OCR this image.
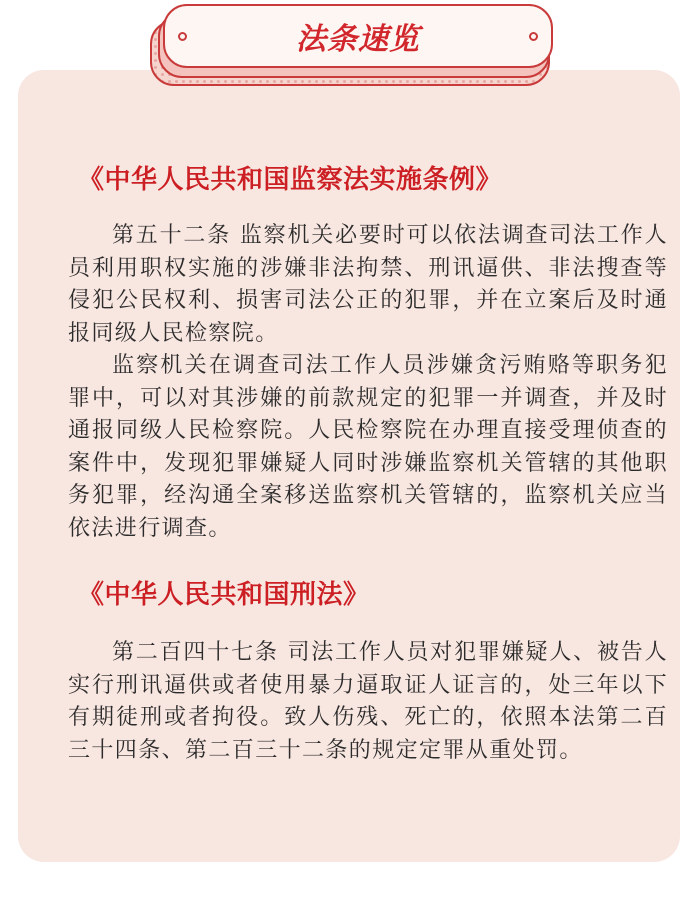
法条速览
《中华人民共和国监察法实施条例》

第五十二条 监察机关必要时可以依法调查司法工作人员利用职权实施的涉嫌非法拘禁、刑讯逼供、非法搜查等侵犯公民权利、损害司法公正的犯罪，并在立案后及时通报同级人民检察院。

监察机关在调查司法工作人员涉嫌贪污贿赂等职务犯罪中，可以对其涉嫌的前款规定的犯罪一并调查，并及时通报同级人民检察院。人民检察院在办理直接受理侦查的案件中，发现犯罪嫌疑人同时涉嫌监察机关管辖的其他职务犯罪，经沟通全案移送监察机关管辖的，监察机关应当依法进行调查。

《中华人民共和国刑法》

第二百四十七条 司法工作人员对犯罪嫌疑人、被告人实行刑讯逼供或者使用暴力逼取证人证言的，处三年以下有期徒刑或者拘役。致人伤残、死亡的，依照本法第二百三十四条、第二百三十二条的规定定罪从重处罚。
